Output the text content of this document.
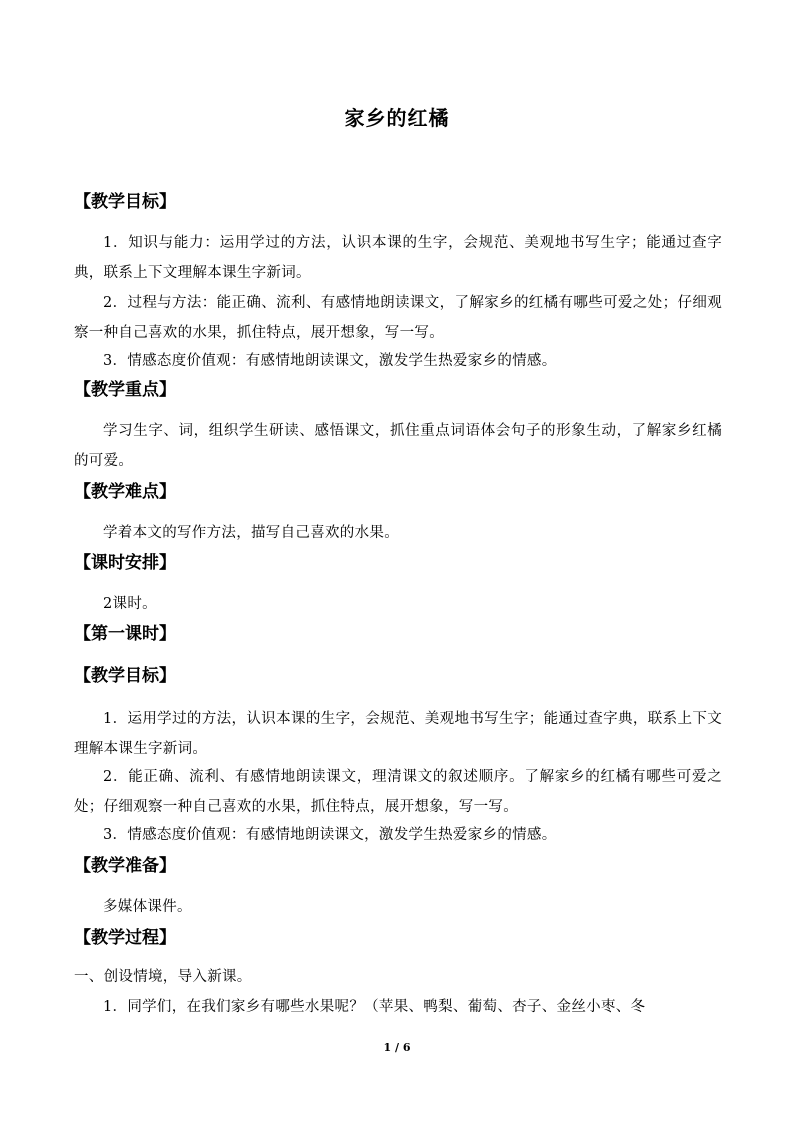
家乡的红橘
【教学目标】
1．知识与能力：运用学过的方法，认识本课的生字，会规范、美观地书写生字；能通过查字典，联系上下文理解本课生字新词。
2．过程与方法：能正确、流利、有感情地朗读课文，了解家乡的红橘有哪些可爱之处；仔细观察一种自己喜欢的水果，抓住特点，展开想象，写一写。
3．情感态度价值观：有感情地朗读课文，激发学生热爱家乡的情感。
【教学重点】
学习生字、词，组织学生研读、感悟课文，抓住重点词语体会句子的形象生动，了解家乡红橘的可爱。
【教学难点】
学着本文的写作方法，描写自己喜欢的水果。
【课时安排】
2课时。
【第一课时】
【教学目标】
1．运用学过的方法，认识本课的生字，会规范、美观地书写生字；能通过查字典，联系上下文理解本课生字新词。
2．能正确、流利、有感情地朗读课文，理清课文的叙述顺序。了解家乡的红橘有哪些可爱之处；仔细观察一种自己喜欢的水果，抓住特点，展开想象，写一写。
3．情感态度价值观：有感情地朗读课文，激发学生热爱家乡的情感。
【教学准备】
多媒体课件。
【教学过程】
一、创设情境，导入新课。
1．同学们，在我们家乡有哪些水果呢？（苹果、鸭梨、葡萄、杏子、金丝小枣、冬
1 / 6
